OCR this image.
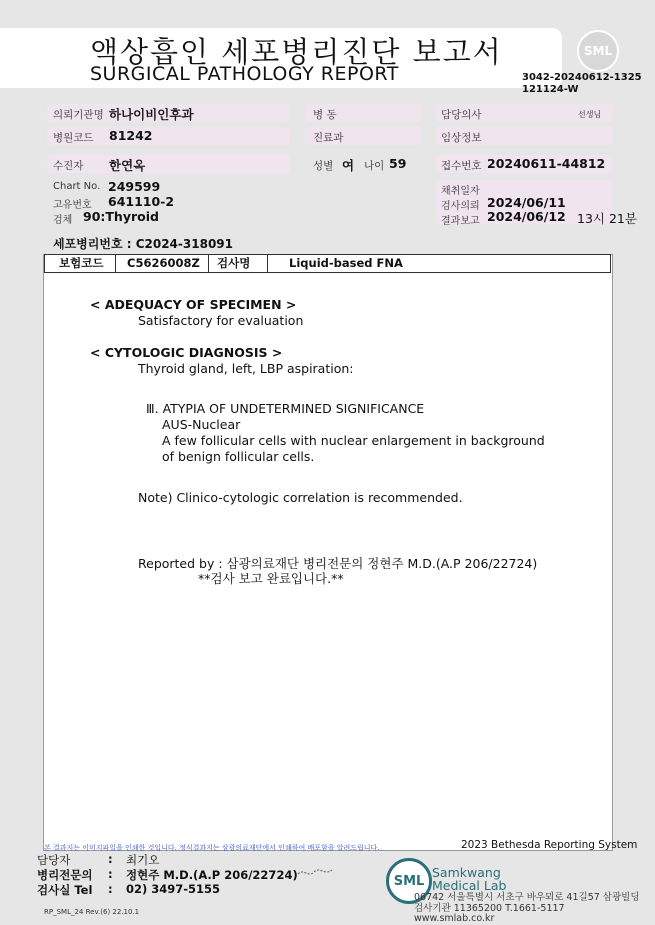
액상흡인 세포병리진단 보고서
SURGICAL PATHOLOGY REPORT
SML
3042-20240612-1325
121124-W
의뢰기관명 하나이비인후과	병 동	담당의사	선생님
병원코드 81242	진료과	임상정보
수진자 한연옥	성별 여 나이 59	접수번호 20240611-44812
Chart No. 249599
고유번호 641110-2
검체 90:Thyroid
채취일자
검사의뢰 2024/06/11
결과보고 2024/06/12 13시 21분
세포병리번호 : C2024-318091
보험코드 C5626008Z 검사명	Liquid-based FNA
< ADEQUACY OF SPECIMEN >
Satisfactory for evaluation
< CYTOLOGIC DIAGNOSIS >
Thyroid gland, left, LBP aspiration:
Ⅲ. ATYPIA OF UNDETERMINED SIGNIFICANCE
AUS-Nuclear
A few follicular cells with nuclear enlargement in background
of benign follicular cells.
Note) Clinico-cytologic correlation is recommended.
Reported by : 삼광의료재단 병리전문의 정현주 M.D.(A.P 206/22724)
**검사 보고 완료입니다.**
본 결과지는 이미지파일을 인쇄한 것입니다. 정식결과지는 삼광의료재단에서 인쇄하여 배포함을 알려드립니다.	2023 Bethesda Reporting System
담당자	: 최기오
병리전문의 : 정현주 M.D.(A.P 206/22724)
검사실 Tel : 02) 3497-5155
SML
Samkwang
Medical Lab
06742 서울특별시 서초구 바우뫼로 41길57 삼광빌딩
검사기관 11365200 T.1661-5117
www.smlab.co.kr
RP_SML_24 Rev.(6) 22.10.1
